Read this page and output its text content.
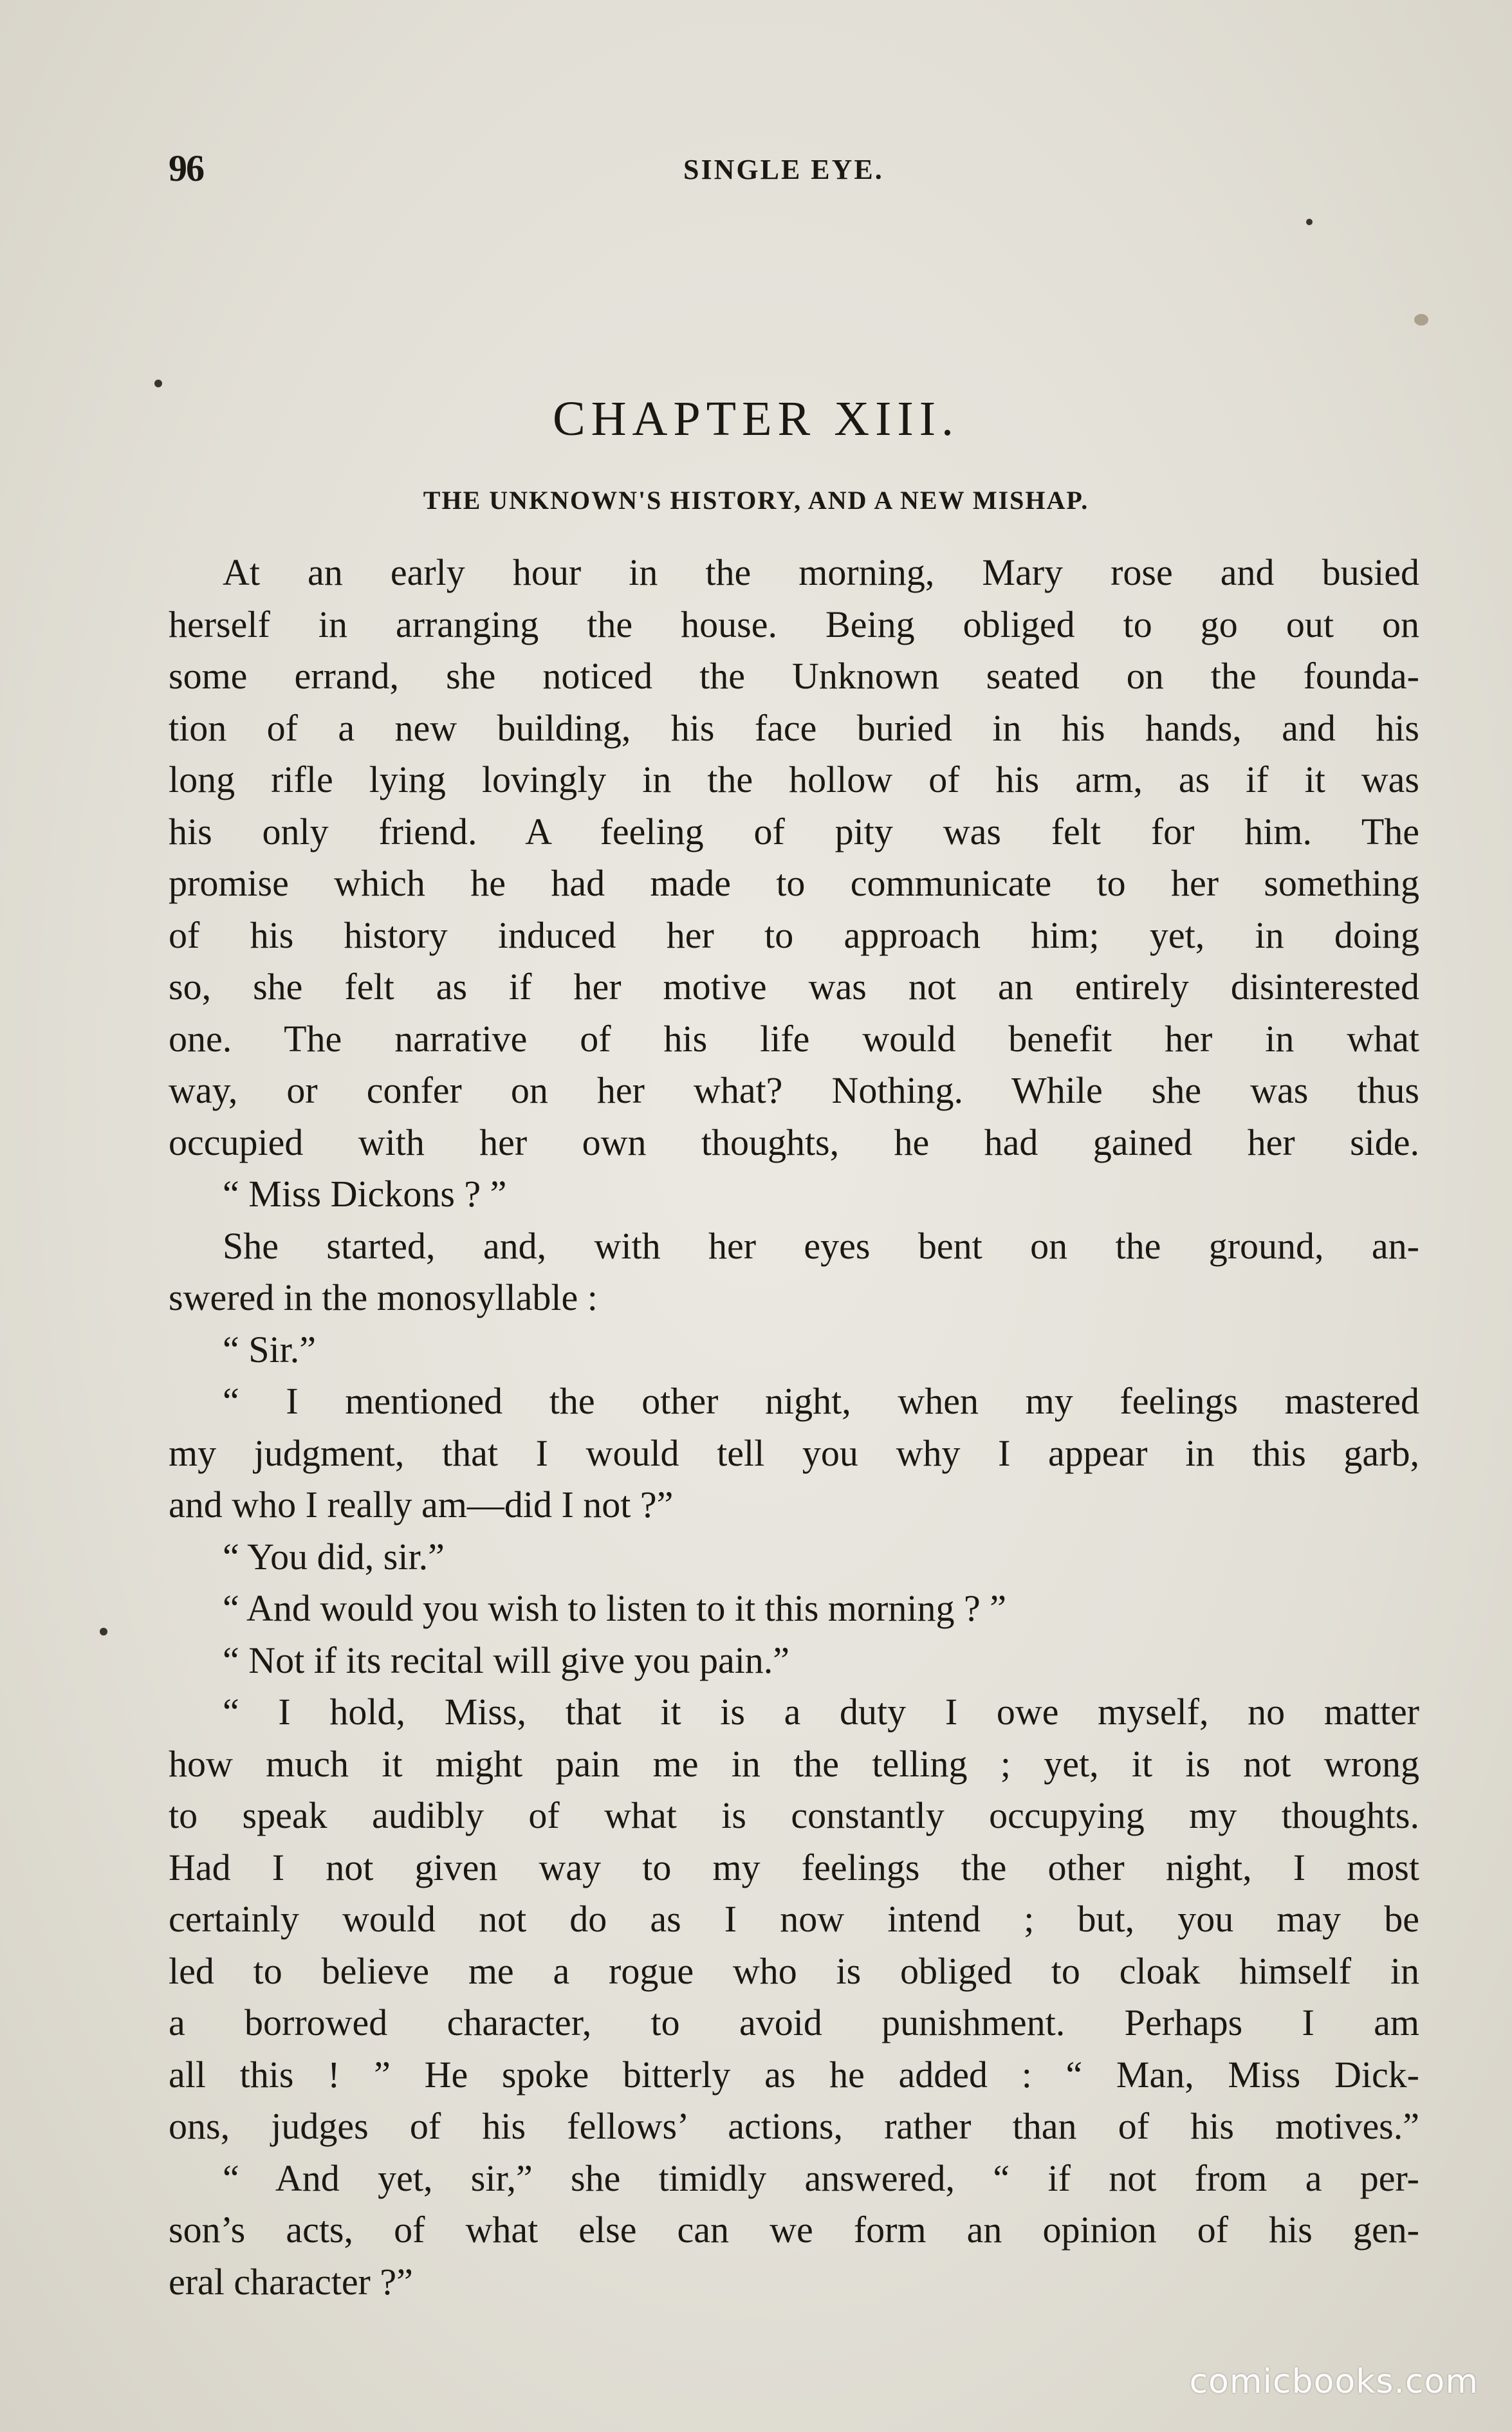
96	SINGLE EYE.
CHAPTER XIII.
THE UNKNOWN'S HISTORY, AND A NEW MISHAP.

At an early hour in the morning, Mary rose and busied
herself in arranging the house. Being obliged to go out on
some errand, she noticed the Unknown seated on the founda-
tion of a new building, his face buried in his hands, and his
long rifle lying lovingly in the hollow of his arm, as if it was
his only friend. A feeling of pity was felt for him. The
promise which he had made to communicate to her something
of his history induced her to approach him; yet, in doing
so, she felt as if her motive was not an entirely disinterested
one. The narrative of his life would benefit her in what
way, or confer on her what? Nothing. While she was thus
occupied with her own thoughts, he had gained her side.

“ Miss Dickons ? ”

She started, and, with her eyes bent on the ground, an-
swered in the monosyllable :

“ Sir.”

“ I mentioned the other night, when my feelings mastered
my judgment, that I would tell you why I appear in this garb,
and who I really am—did I not ?”

“ You did, sir.”

“ And would you wish to listen to it this morning ? ”

“ Not if its recital will give you pain.”

“ I hold, Miss, that it is a duty I owe myself, no matter
how much it might pain me in the telling ; yet, it is not wrong
to speak audibly of what is constantly occupying my thoughts.
Had I not given way to my feelings the other night, I most
certainly would not do as I now intend ; but, you may be
led to believe me a rogue who is obliged to cloak himself in
a borrowed character, to avoid punishment. Perhaps I am
all this ! ” He spoke bitterly as he added : “ Man, Miss Dick-
ons, judges of his fellows’ actions, rather than of his motives.”

“ And yet, sir,” she timidly answered, “ if not from a per-
son’s acts, of what else can we form an opinion of his gen-
eral character ?”

comicbooks.com
